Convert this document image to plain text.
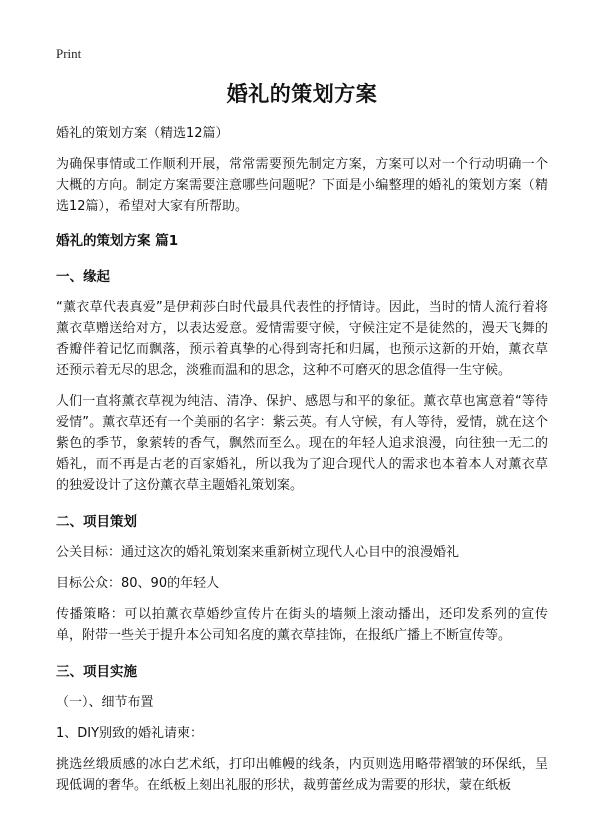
Print
婚礼的策划方案
婚礼的策划方案（精选12篇）

为确保事情或工作顺利开展，常常需要预先制定方案，方案可以对一个行动明确一个大概的方向。制定方案需要注意哪些问题呢？下面是小编整理的婚礼的策划方案（精选12篇），希望对大家有所帮助。

婚礼的策划方案 篇1
一、缘起

“薰衣草代表真爱”是伊莉莎白时代最具代表性的抒情诗。因此，当时的情人流行着将薰衣草赠送给对方，以表达爱意。爱情需要守候，守候注定不是徒然的，漫天飞舞的香瓣伴着记忆而飘落，预示着真挚的心得到寄托和归属，也预示这新的开始，薰衣草还预示着无尽的思念，淡雅而温和的思念，这种不可磨灭的思念值得一生守候。

人们一直将薰衣草视为纯洁、清净、保护、感恩与和平的象征。薰衣草也寓意着“等待爱情”。薰衣草还有一个美丽的名字：紫云英。有人守候，有人等待，爱情，就在这个紫色的季节，象萦转的香气，飘然而至么。现在的年轻人追求浪漫，向往独一无二的婚礼，而不再是古老的百家婚礼，所以我为了迎合现代人的需求也本着本人对薰衣草的独爱设计了这份薰衣草主题婚礼策划案。

二、项目策划

公关目标：通过这次的婚礼策划案来重新树立现代人心目中的浪漫婚礼

目标公众：80、90的年轻人

传播策略：可以拍薰衣草婚纱宣传片在街头的墙频上滚动播出，还印发系列的宣传单，附带一些关于提升本公司知名度的薰衣草挂饰，在报纸广播上不断宣传等。

三、项目实施

（一）、细节布置

1、DIY别致的婚礼请柬：

挑选丝缎质感的冰白艺术纸，打印出帷幔的线条，内页则选用略带褶皱的环保纸，呈现低调的奢华。在纸板上刻出礼服的形状，裁剪蕾丝成为需要的形状，蒙在纸板
